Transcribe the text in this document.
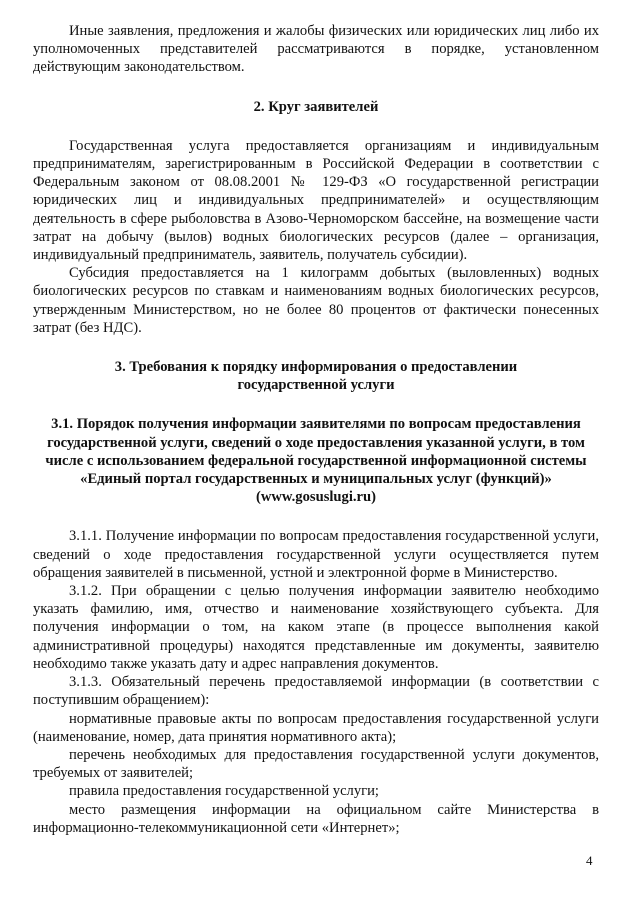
Иные заявления, предложения и жалобы физических или юридических лиц либо их уполномоченных представителей рассматриваются в порядке, установленном действующим законодательством.

2. Круг заявителей

Государственная услуга предоставляется организациям и индивидуальным предпринимателям, зарегистрированным в Российской Федерации в соответствии с Федеральным законом от 08.08.2001 № 129-ФЗ «О государственной регистрации юридических лиц и индивидуальных предпринимателей» и осуществляющим деятельность в сфере рыболовства в Азово-Черноморском бассейне, на возмещение части затрат на добычу (вылов) водных биологических ресурсов (далее – организация, индивидуальный предприниматель, заявитель, получатель субсидии).

Субсидия предоставляется на 1 килограмм добытых (выловленных) водных биологических ресурсов по ставкам и наименованиям водных биологических ресурсов, утвержденным Министерством, но не более 80 процентов от фактически понесенных затрат (без НДС).

3. Требования к порядку информирования о предоставлении

государственной услуги

3.1. Порядок получения информации заявителями по вопросам предоставления государственной услуги, сведений о ходе предоставления указанной услуги, в том числе с использованием федеральной государственной информационной системы «Единый портал государственных и муниципальных услуг (функций)» (www.gosuslugi.ru)

3.1.1. Получение информации по вопросам предоставления государственной услуги, сведений о ходе предоставления государственной услуги осуществляется путем обращения заявителей в письменной, устной и электронной форме в Министерство.

3.1.2. При обращении с целью получения информации заявителю необходимо указать фамилию, имя, отчество и наименование хозяйствующего субъекта. Для получения информации о том, на каком этапе (в процессе выполнения какой административной процедуры) находятся представленные им документы, заявителю необходимо также указать дату и адрес направления документов.

3.1.3. Обязательный перечень предоставляемой информации (в соответствии с поступившим обращением):

нормативные правовые акты по вопросам предоставления государственной услуги (наименование, номер, дата принятия нормативного акта);

перечень необходимых для предоставления государственной услуги документов, требуемых от заявителей;

правила предоставления государственной услуги;

место размещения информации на официальном сайте Министерства в информационно-телекоммуникационной сети «Интернет»;

4
